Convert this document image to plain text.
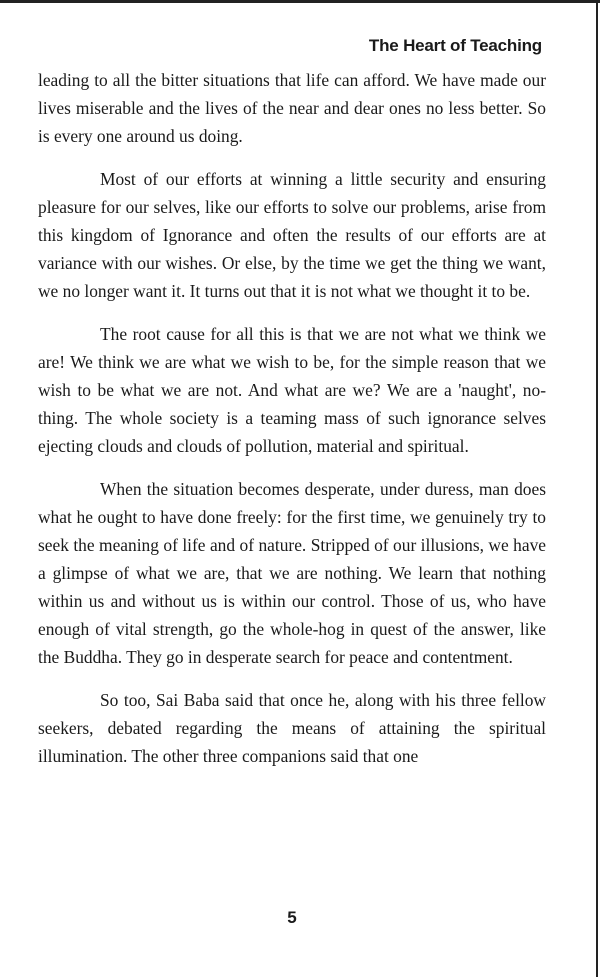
The Heart of Teaching

leading to all the bitter situations that life can afford. We have made our lives miserable and the lives of the near and dear ones no less better. So is every one around us doing.

Most of our efforts at winning a little security and ensuring pleasure for our selves, like our efforts to solve our problems, arise from this kingdom of Ignorance and often the results of our efforts are at variance with our wishes. Or else, by the time we get the thing we want, we no longer want it. It turns out that it is not what we thought it to be.

The root cause for all this is that we are not what we think we are! We think we are what we wish to be, for the simple reason that we wish to be what we are not. And what are we? We are a 'naught', no-thing. The whole society is a teaming mass of such ignorance selves ejecting clouds and clouds of pollution, material and spiritual.

When the situation becomes desperate, under duress, man does what he ought to have done freely: for the first time, we genuinely try to seek the meaning of life and of nature. Stripped of our illusions, we have a glimpse of what we are, that we are nothing. We learn that nothing within us and without us is within our control. Those of us, who have enough of vital strength, go the whole-hog in quest of the answer, like the Buddha. They go in desperate search for peace and contentment.

So too, Sai Baba said that once he, along with his three fellow seekers, debated regarding the means of attaining the spiritual illumination. The other three companions said that one

5
